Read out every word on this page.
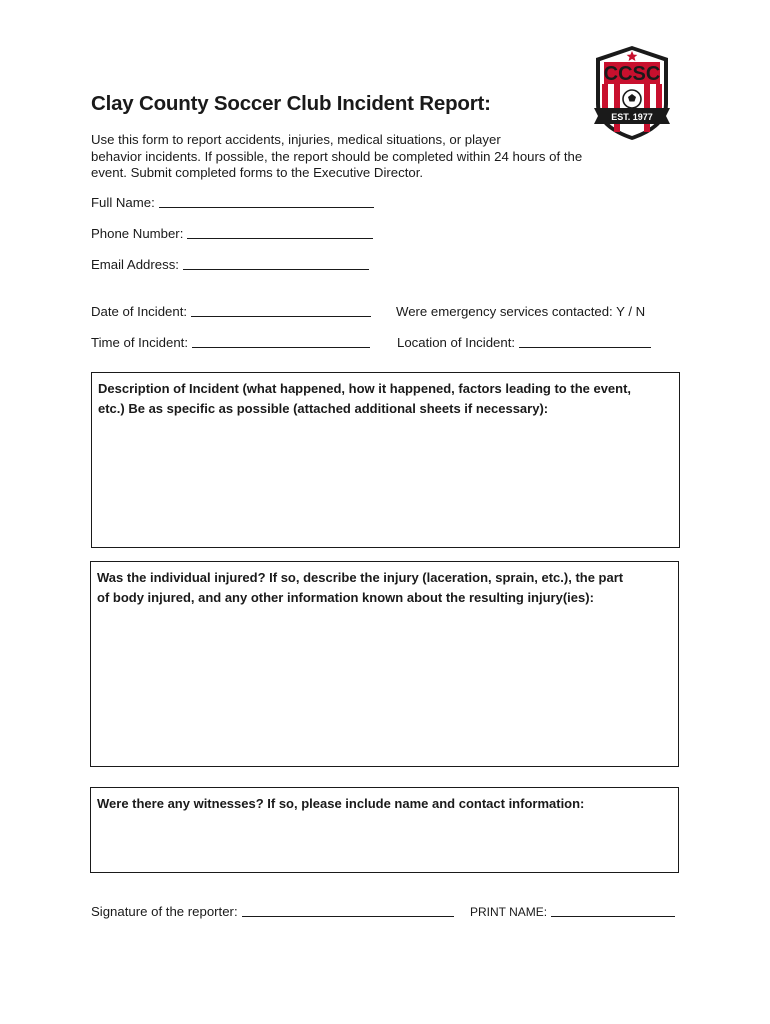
CCSC
EST. 1977
Clay County Soccer Club Incident Report:
Use this form to report accidents, injuries, medical situations, or player
behavior incidents. If possible, the report should be completed within 24 hours of the
event. Submit completed forms to the Executive Director.
Full Name:
Phone Number:
Email Address:
Date of Incident:	Were emergency services contacted: Y / N
Time of Incident:	Location of Incident:
Description of Incident (what happened, how it happened, factors leading to the event,
etc.) Be as specific as possible (attached additional sheets if necessary):
Was the individual injured? If so, describe the injury (laceration, sprain, etc.), the part
of body injured, and any other information known about the resulting injury(ies):
Were there any witnesses? If so, please include name and contact information:
Signature of the reporter:	PRINT NAME:
